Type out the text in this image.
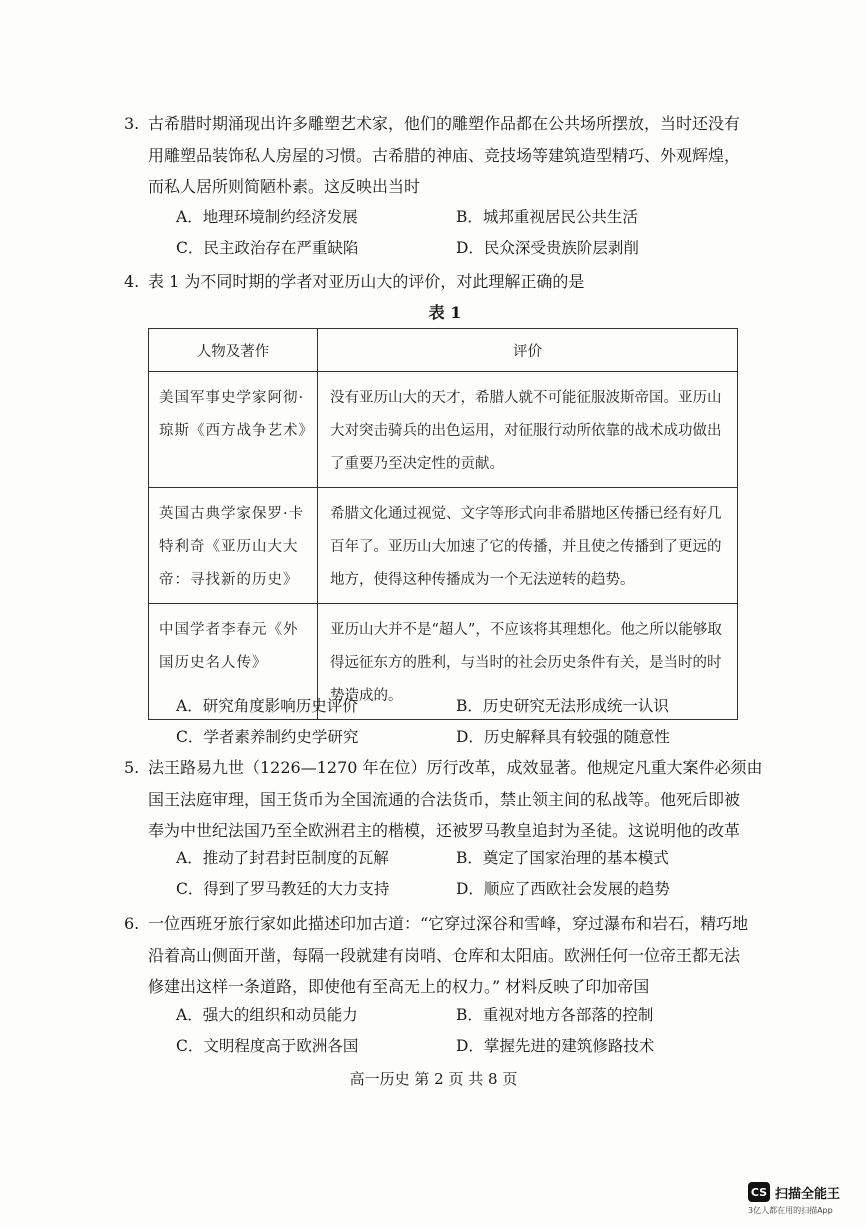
3. 古希腊时期涌现出许多雕塑艺术家，他们的雕塑作品都在公共场所摆放，当时还没有
用雕塑品装饰私人房屋的习惯。古希腊的神庙、竞技场等建筑造型精巧、外观辉煌，
而私人居所则简陋朴素。这反映出当时
A．地理环境制约经济发展	B．城邦重视居民公共生活
C．民主政治存在严重缺陷	D．民众深受贵族阶层剥削
4. 表 1 为不同时期的学者对亚历山大的评价，对此理解正确的是
表 1
人物及著作	评价
美国军事史学家阿彻·琼斯《西方战争艺术》	没有亚历山大的天才，希腊人就不可能征服波斯帝国。亚历山大对突击骑兵的出色运用，对征服行动所依靠的战术成功做出了重要乃至决定性的贡献。
英国古典学家保罗·卡特利奇《亚历山大大帝：寻找新的历史》	希腊文化通过视觉、文字等形式向非希腊地区传播已经有好几百年了。亚历山大加速了它的传播，并且使之传播到了更远的地方，使得这种传播成为一个无法逆转的趋势。
中国学者李春元《外国历史名人传》	亚历山大并不是“超人”，不应该将其理想化。他之所以能够取得远征东方的胜利，与当时的社会历史条件有关，是当时的时势造成的。
A．研究角度影响历史评价	B．历史研究无法形成统一认识
C．学者素养制约史学研究	D．历史解释具有较强的随意性
5. 法王路易九世（1226—1270 年在位）厉行改革，成效显著。他规定凡重大案件必须由
国王法庭审理，国王货币为全国流通的合法货币，禁止领主间的私战等。他死后即被
奉为中世纪法国乃至全欧洲君主的楷模，还被罗马教皇追封为圣徒。这说明他的改革
A．推动了封君封臣制度的瓦解	B．奠定了国家治理的基本模式
C．得到了罗马教廷的大力支持	D．顺应了西欧社会发展的趋势
6. 一位西班牙旅行家如此描述印加古道：“它穿过深谷和雪峰，穿过瀑布和岩石，精巧地
沿着高山侧面开凿，每隔一段就建有岗哨、仓库和太阳庙。欧洲任何一位帝王都无法
修建出这样一条道路，即使他有至高无上的权力。” 材料反映了印加帝国
A．强大的组织和动员能力	B．重视对地方各部落的控制
C．文明程度高于欧洲各国	D．掌握先进的建筑修路技术
高一历史 第 2 页 共 8 页
CS 扫描全能王
3亿人都在用的扫描App
